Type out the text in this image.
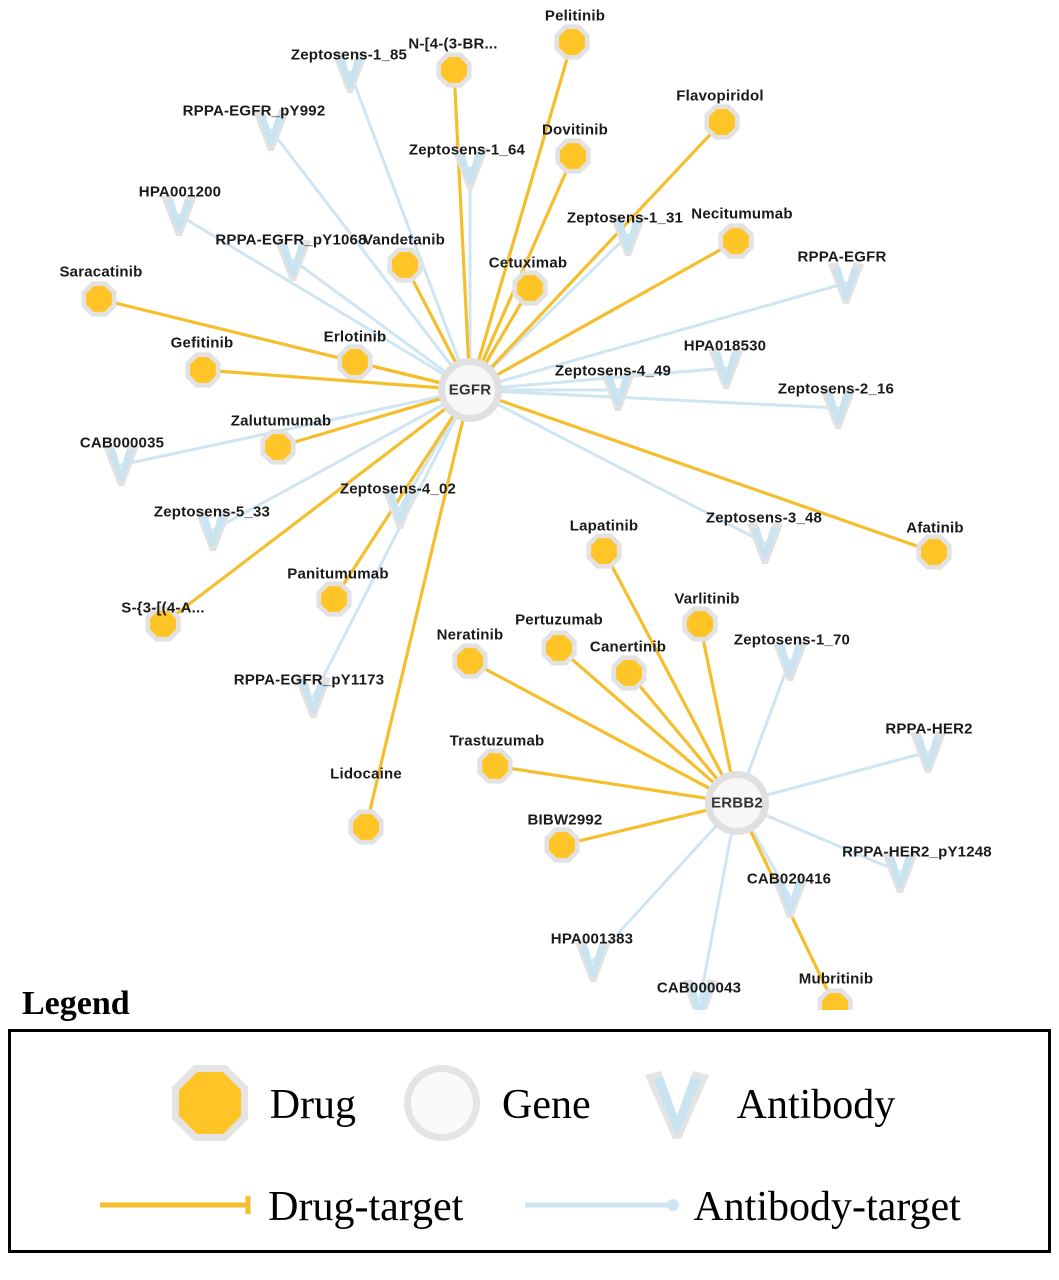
Pelitinib
N-[4-(3-BR...
Flavopiridol
Dovitinib
Necitumumab
Vandetanib
Cetuximab
Saracatinib
Erlotinib
Gefitinib
Zalutumumab
Afatinib
Lapatinib
Panitumumab
Varlitinib
S-{3-[(4-A...
Pertuzumab
Neratinib
Canertinib
Trastuzumab
Lidocaine
BIBW2992
Mubritinib
Zeptosens-1_85
RPPA-EGFR_pY992
Zeptosens-1_64
HPA001200
Zeptosens-1_31
RPPA-EGFR_pY1068
RPPA-EGFR
HPA018530
Zeptosens-4_49
Zeptosens-2_16
CAB000035
Zeptosens-4_02
Zeptosens-5_33	Zeptosens-3_48
Zeptosens-1_70
RPPA-EGFR_pY1173
RPPA-HER2
RPPA-HER2_pY1248
CAB020416
HPA001383
CAB000043
EGFR
ERBB2
Legend
Drug	Gene	Antibody
Drug-target	Antibody-target
